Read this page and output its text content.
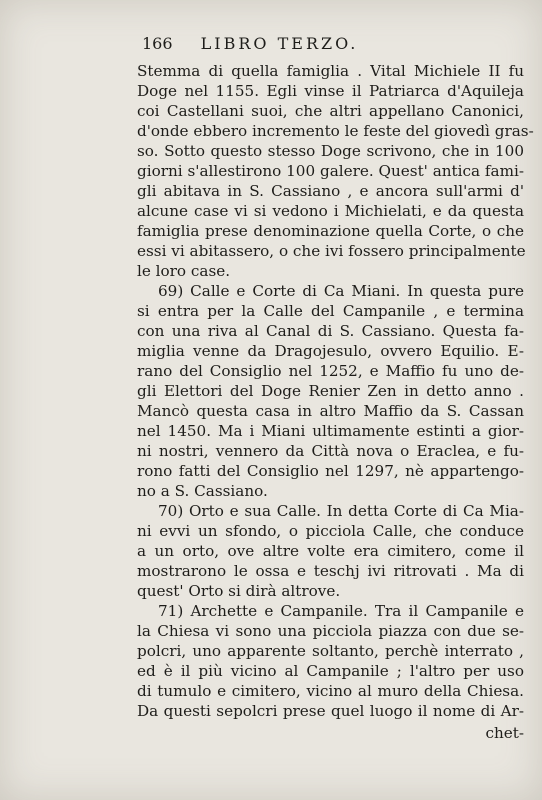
166 LIBRO TERZO.
Stemma di quella famiglia . Vital Michiele II fu
Doge nel 1155. Egli vinse il Patriarca d'Aquileja
coi Castellani suoi, che altri appellano Canonici,
d'onde ebbero incremento le feste del giovedì gras-
so. Sotto questo stesso Doge scrivono, che in 100
giorni s'allestirono 100 galere. Quest' antica fami-
gli abitava in S. Cassiano , e ancora sull'armi d'
alcune case vi si vedono i Michielati, e da questa
famiglia prese denominazione quella Corte, o che
essi vi abitassero, o che ivi fossero principalmente
le loro case.
69) Calle e Corte di Ca Miani. In questa pure
si entra per la Calle del Campanile , e termina
con una riva al Canal di S. Cassiano. Questa fa-
miglia venne da Dragojesulo, ovvero Equilio. E-
rano del Consiglio nel 1252, e Maffio fu uno de-
gli Elettori del Doge Renier Zen in detto anno .
Mancò questa casa in altro Maffio da S. Cassan
nel 1450. Ma i Miani ultimamente estinti a gior-
ni nostri, vennero da Città nova o Eraclea, e fu-
rono fatti del Consiglio nel 1297, nè appartengo-
no a S. Cassiano.
70) Orto e sua Calle. In detta Corte di Ca Mia-
ni evvi un sfondo, o picciola Calle, che conduce
a un orto, ove altre volte era cimitero, come il
mostrarono le ossa e teschj ivi ritrovati . Ma di
quest' Orto si dirà altrove.
71) Archette e Campanile. Tra il Campanile e
la Chiesa vi sono una picciola piazza con due se-
polcri, uno apparente soltanto, perchè interrato ,
ed è il più vicino al Campanile ; l'altro per uso
di tumulo e cimitero, vicino al muro della Chiesa.
Da questi sepolcri prese quel luogo il nome di Ar-
chet-
